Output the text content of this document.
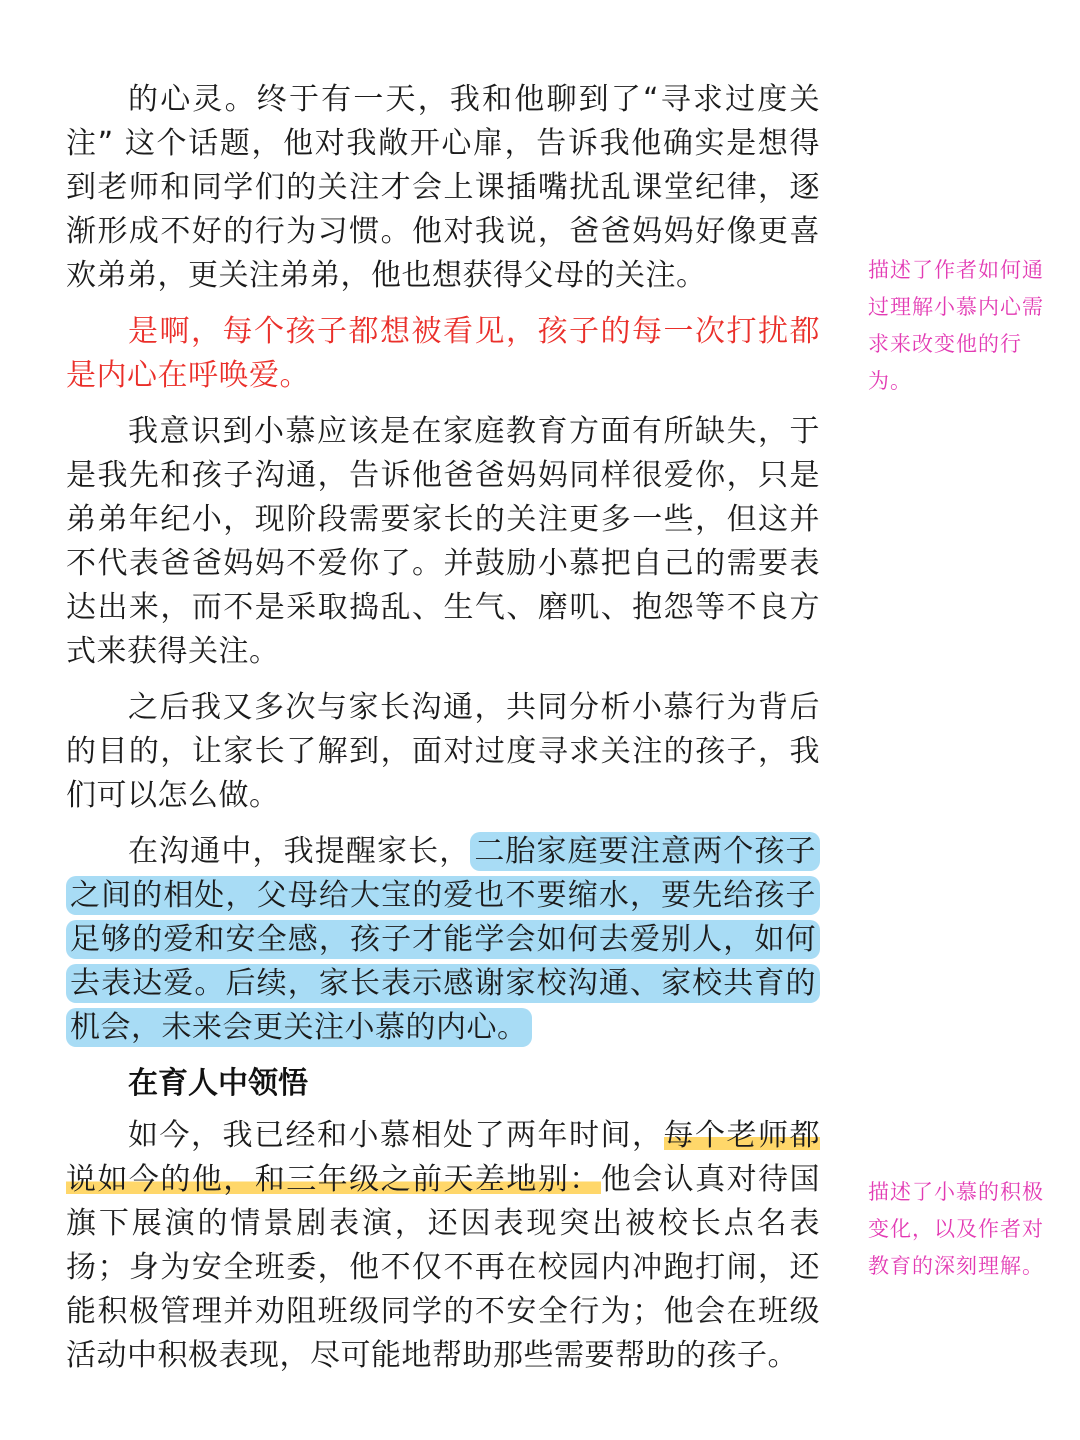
的心灵。终于有一天，我和他聊到了“寻求过度关注” 这个话题，他对我敞开心扉，告诉我他确实是想得到老师和同学们的关注才会上课插嘴扰乱课堂纪律，逐渐形成不好的行为习惯。他对我说，爸爸妈妈好像更喜欢弟弟，更关注弟弟，他也想获得父母的关注。

是啊，每个孩子都想被看见，孩子的每一次打扰都是内心在呼唤爱。

我意识到小慕应该是在家庭教育方面有所缺失，于是我先和孩子沟通，告诉他爸爸妈妈同样很爱你，只是弟弟年纪小，现阶段需要家长的关注更多一些，但这并不代表爸爸妈妈不爱你了。并鼓励小慕把自己的需要表达出来，而不是采取捣乱、生气、磨叽、抱怨等不良方式来获得关注。

之后我又多次与家长沟通，共同分析小慕行为背后的目的，让家长了解到，面对过度寻求关注的孩子，我们可以怎么做。

在沟通中，我提醒家长， 二胎家庭要注意两个孩子之间的相处，父母给大宝的爱也不要缩水，要先给孩子足够的爱和安全感，孩子才能学会如何去爱别人，如何去表达爱。后续，家长表示感谢家校沟通、家校共育的机会，未来会更关注小慕的内心。

在育人中领悟

如今，我已经和小慕相处了两年时间，每个老师都说如今的他，和三年级之前天差地别：他会认真对待国旗下展演的情景剧表演，还因表现突出被校长点名表扬；身为安全班委，他不仅不再在校园内冲跑打闹，还能积极管理并劝阻班级同学的不安全行为；他会在班级活动中积极表现，尽可能地帮助那些需要帮助的孩子。

描述了作者如何通过理解小慕内心需求来改变他的行为。
描述了小慕的积极变化，以及作者对教育的深刻理解。
